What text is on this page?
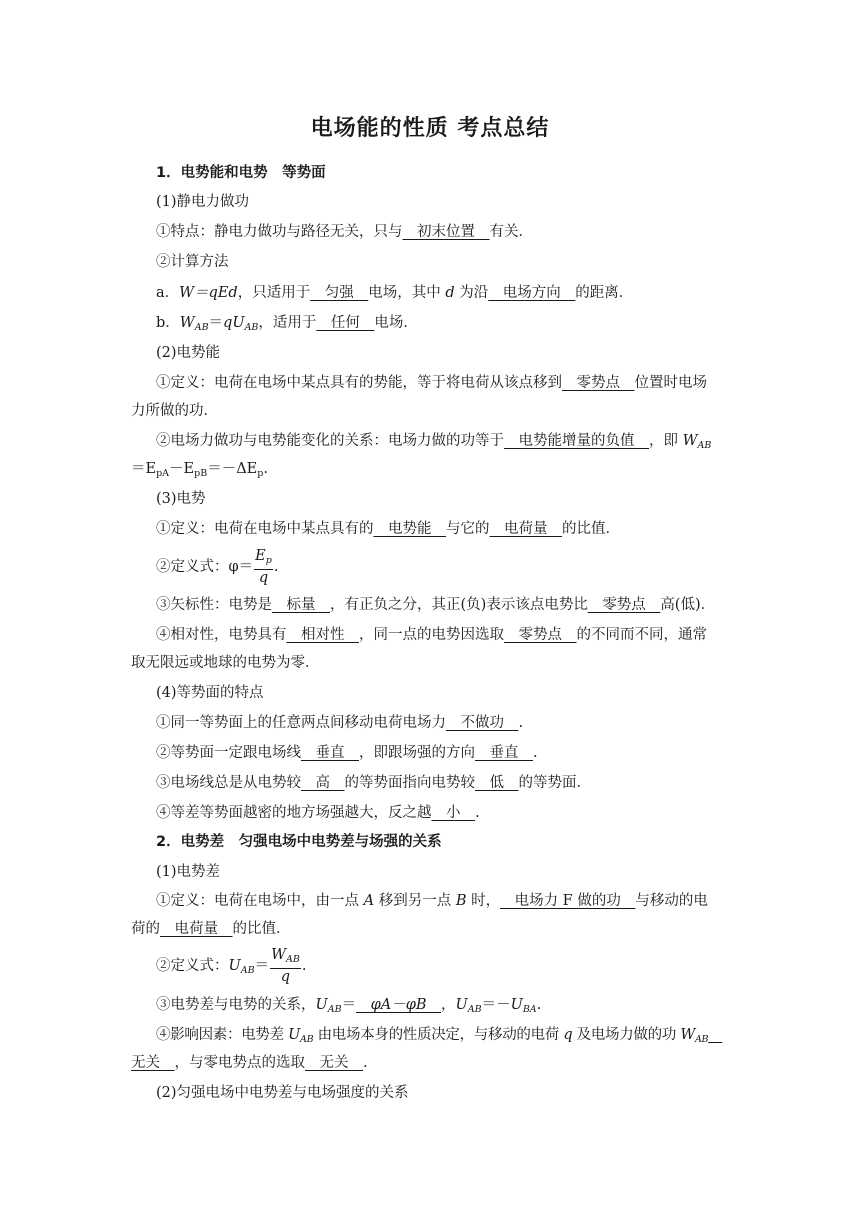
电场能的性质 考点总结
1．电势能和电势　等势面
(1)静电力做功
①特点：静电力做功与路径无关，只与__初末位置__有关．
②计算方法
a．W＝qEd，只适用于__匀强__电场，其中 d 为沿__电场方向__的距离．
b．$W_{AB}=qU_{AB}$，适用于__任何__电场．
(2)电势能
①定义：电荷在电场中某点具有的势能，等于将电荷从该点移到__零势点__位置时电场
力所做的功．
②电场力做功与电势能变化的关系：电场力做的功等于__电势能增量的负值__，即 $W_{AB}$
$=E_{pA}-E_{pB}=-\Delta E_p$.
(3)电势
①定义：电荷在电场中某点具有的__电势能__与它的__电荷量__的比值．
②定义式：$\varphi= \frac{E_p}{q}$ .
③矢标性：电势是__标量__，有正负之分，其正(负)表示该点电势比__零势点__高(低)．
④相对性，电势具有__相对性__，同一点的电势因选取__零势点__的不同而不同，通常
取无限远或地球的电势为零．
(4)等势面的特点
①同一等势面上的任意两点间移动电荷电场力__不做功__.
②等势面一定跟电场线__垂直__，即跟场强的方向__垂直__.
③电场线总是从电势较__高__的等势面指向电势较__低__的等势面．
④等差等势面越密的地方场强越大，反之越__小__.
2．电势差　匀强电场中电势差与场强的关系
(1)电势差
①定义：电荷在电场中，由一点 A 移到另一点 B 时，__电场力 F 做的功__与移动的电
荷的__电荷量__的比值．
②定义式：$U_{AB}= \frac{W_{AB}}{q}$ .
③电势差与电势的关系，$U_{AB}=\_\_\varphi A-\varphi B\_\_$，$U_{AB}=-U_{BA}$.
④影响因素：电势差 $U_{AB}$ 由电场本身的性质决定，与移动的电荷 q 及电场力做的功 $W_{AB}\_\_$
无关__，与零电势点的选取__无关__.
(2)匀强电场中电势差与电场强度的关系
